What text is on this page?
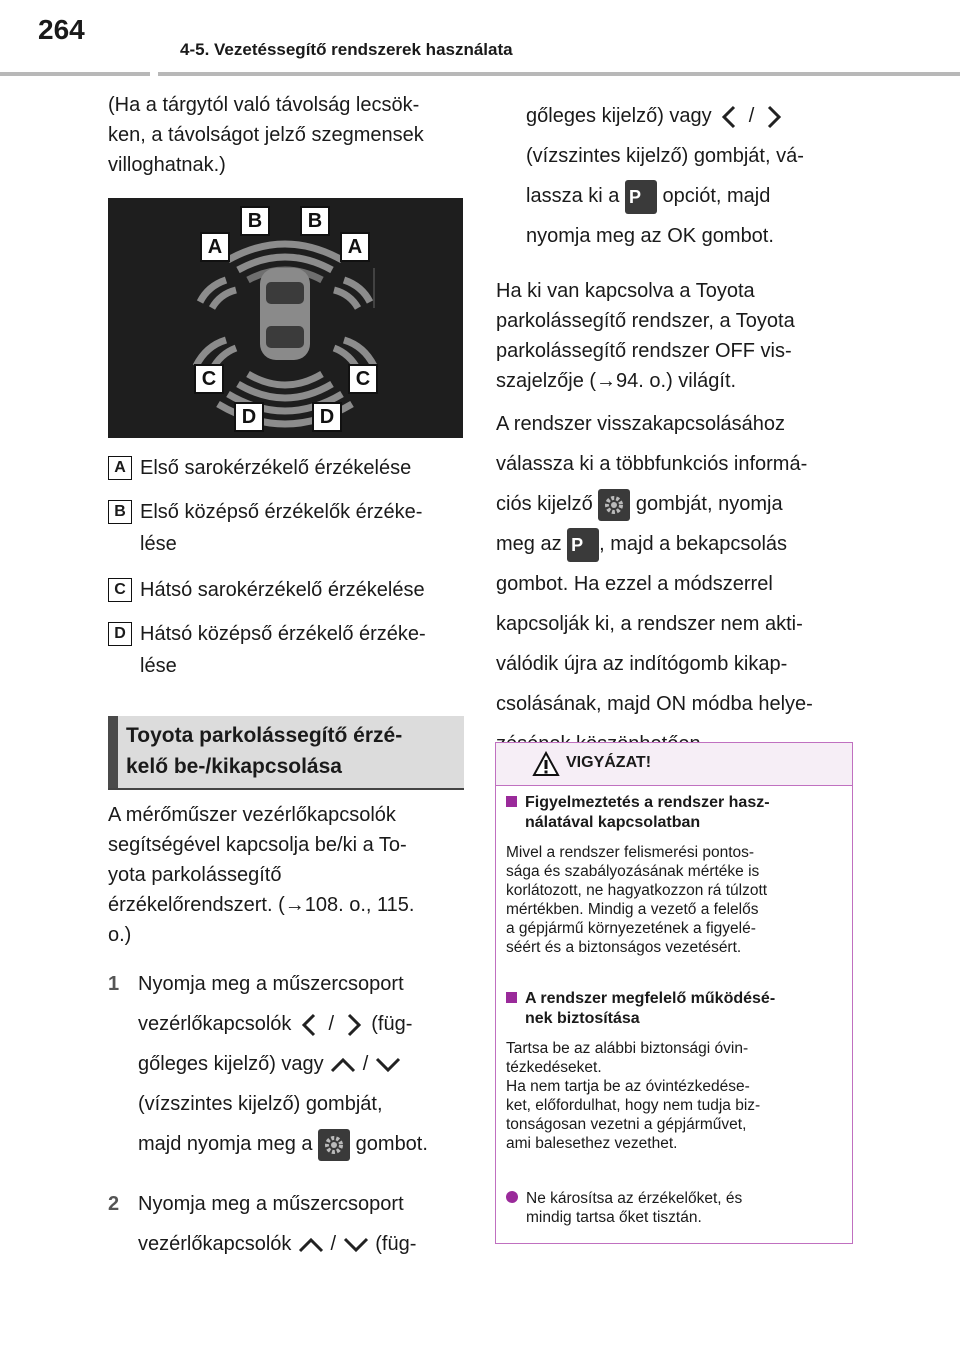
264
4-5. Vezetéssegítő rendszerek használata
(Ha a tárgytól való távolság lecsök-
ken, a távolságot jelző szegmensek
villoghatnak.)
B	B
A	A
C	C
D	D
A Első sarokérzékelő érzékelése
B Első középső érzékelők érzéke-
lése
C Hátsó sarokérzékelő érzékelése
D Hátsó középső érzékelő érzéke-
lése
Toyota parkolássegítő érzé-
kelő be-/kikapcsolása
A mérőműszer vezérlőkapcsolók
segítségével kapcsolja be/ki a To-
yota parkolássegítő
érzékelőrendszert. (→108. o., 115.
o.)
1 Nyomja meg a műszercsoport
vezérlőkapcsolók / (füg-
gőleges kijelző) vagy /
(vízszintes kijelző) gombját,
majd nyomja meg a gombot.
2 Nyomja meg a műszercsoport
vezérlőkapcsolók / (füg-
gőleges kijelző) vagy /
(vízszintes kijelző) gombját, vá-
lassza ki a P opciót, majd
nyomja meg az OK gombot.
Ha ki van kapcsolva a Toyota
parkolássegítő rendszer, a Toyota
parkolássegítő rendszer OFF vis-
szajelzője (→94. o.) világít.
A rendszer visszakapcsolásához
válassza ki a többfunkciós informá-
ciós kijelző gombját, nyomja
meg az P , majd a bekapcsolás
gombot. Ha ezzel a módszerrel
kapcsolják ki, a rendszer nem akti-
válódik újra az indítógomb kikap-
csolásának, majd ON módba helye-
VIGYÁZAT!
Figyelmeztetés a rendszer hasz-
nálatával kapcsolatban
Mivel a rendszer felismerési pontos-
sága és szabályozásának mértéke is
korlátozott, ne hagyatkozzon rá túlzott
mértékben. Mindig a vezető a felelős
a gépjármű környezetének a figyelé-
séért és a biztonságos vezetésért.
A rendszer megfelelő működésé-
nek biztosítása
Tartsa be az alábbi biztonsági óvin-
tézkedéseket.
Ha nem tartja be az óvintézkedése-
ket, előfordulhat, hogy nem tudja biz-
tonságosan vezetni a gépjárművet,
ami balesethez vezethet.
Ne károsítsa az érzékelőket, és
mindig tartsa őket tisztán.
